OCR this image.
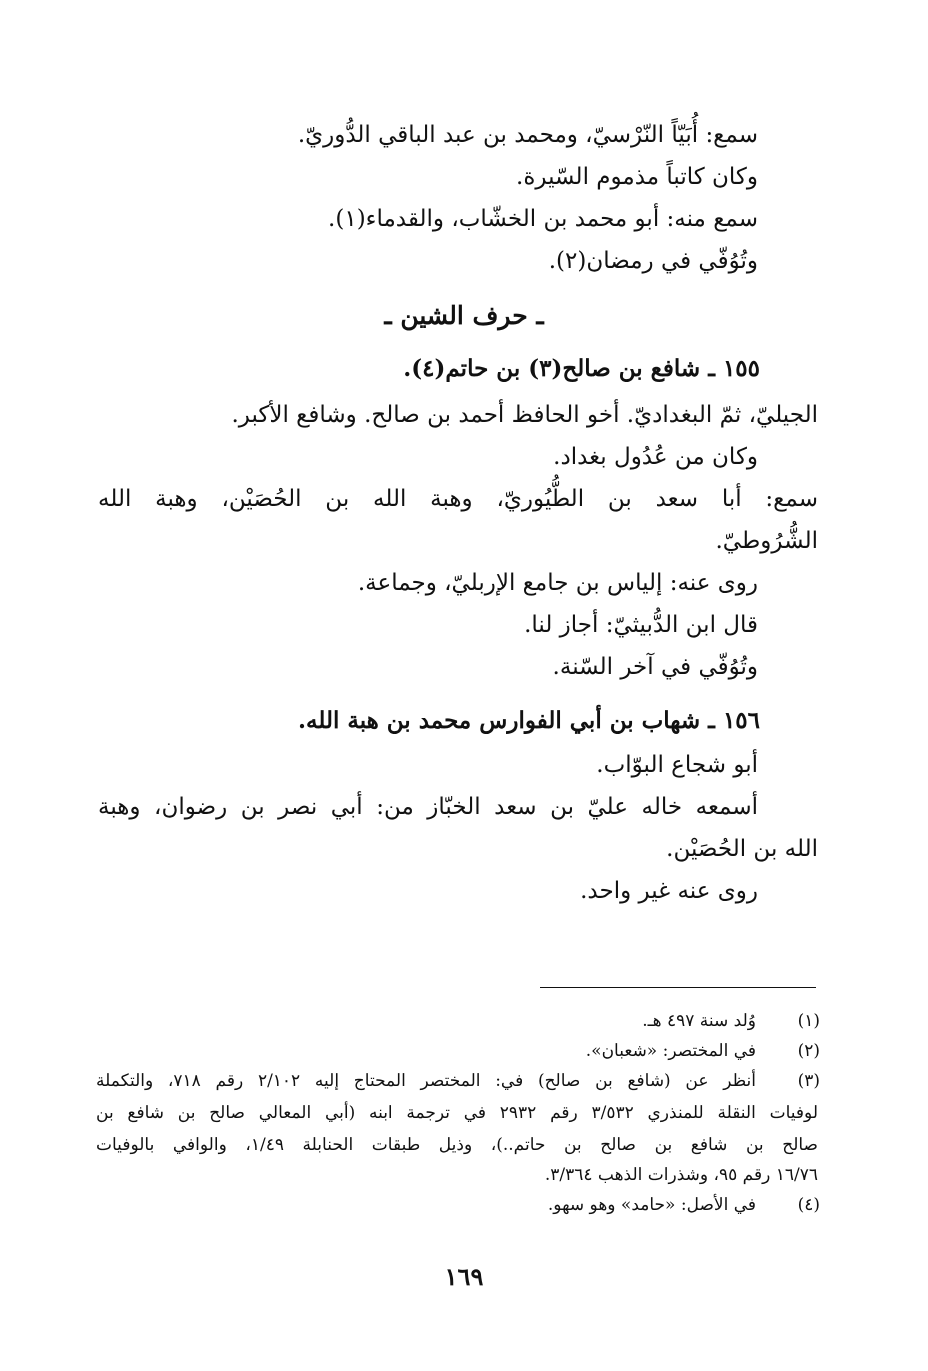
سمع: أُبَيّاً النّرْسيّ، ومحمد بن عبد الباقي الدُّوريّ.
وكان كاتباً مذموم السّيرة.
سمع منه: أبو محمد بن الخشّاب، والقدماء(١).
وتُوُفّي في رمضان(٢).
ـ حرف الشين ـ
١٥٥ ـ شافع بن صالح(٣) بن حاتم(٤).
الجيليّ، ثمّ البغداديّ. أخو الحافظ أحمد بن صالح. وشافع الأكبر.
وكان من عُدُول بغداد.
سمع: أبا سعد بن الطُّيُوريّ، وهبة الله بن الحُصَيْن، وهبة الله
الشُّرُوطيّ.
روى عنه: إلياس بن جامع الإربليّ، وجماعة.
قال ابن الدُّبيثيّ: أجاز لنا.
وتُوُفّي في آخر السّنة.
١٥٦ ـ شهاب بن أبي الفوارس محمد بن هبة الله.
أبو شجاع البوّاب.
أسمعه خاله عليّ بن سعد الخبّاز من: أبي نصر بن رضوان، وهبة
الله بن الحُصَيْن.
روى عنه غير واحد.
(١)
وُلد سنة ٤٩٧ هـ.
(٢)
في المختصر: «شعبان».
(٣)
أنظر عن (شافع بن صالح) في: المختصر المحتاج إليه ٢/١٠٢ رقم ٧١٨، والتكملة
لوفيات النقلة للمنذري ٣/٥٣٢ رقم ٢٩٣٢ في ترجمة ابنه (أبي المعالي صالح بن شافع بن
صالح بن شافع بن صالح بن حاتم..)، وذيل طبقات الحنابلة ١/٤٩، والوافي بالوفيات
١٦/٧٦ رقم ٩٥، وشذرات الذهب ٣/٣٦٤.
(٤)
في الأصل: «حامد» وهو سهو.
١٦٩
